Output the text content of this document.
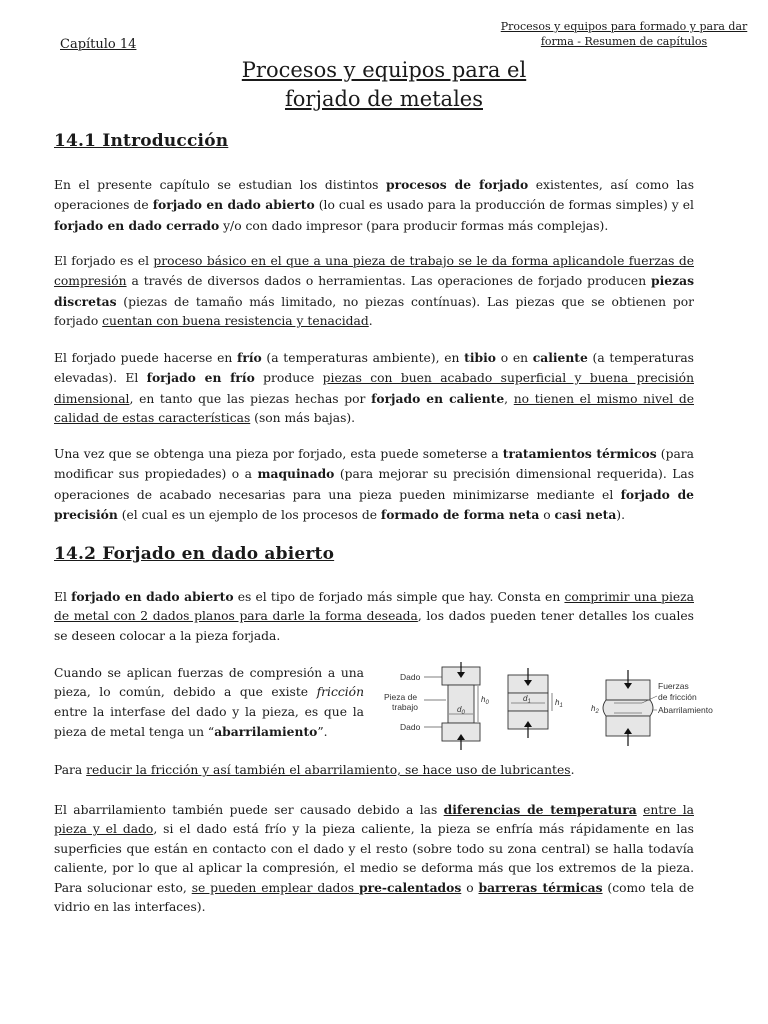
Procesos y equipos para formado y para dar
forma - Resumen de capítulos
Capítulo 14
Procesos y equipos para el
forjado de metales
14.1 Introducción

En el presente capítulo se estudian los distintos procesos de forjado existentes, así como las operaciones de forjado en dado abierto (lo cual es usado para la producción de formas simples) y el forjado en dado cerrado y/o con dado impresor (para producir formas más complejas).

El forjado es el proceso básico en el que a una pieza de trabajo se le da forma aplicandole fuerzas de compresión a través de diversos dados o herramientas. Las operaciones de forjado producen piezas discretas (piezas de tamaño más limitado, no piezas contínuas). Las piezas que se obtienen por forjado cuentan con buena resistencia y tenacidad.

El forjado puede hacerse en frío (a temperaturas ambiente), en tibio o en caliente (a temperaturas elevadas). El forjado en frío produce piezas con buen acabado superficial y buena precisión dimensional, en tanto que las piezas hechas por forjado en caliente, no tienen el mismo nivel de calidad de estas características (son más bajas).

Una vez que se obtenga una pieza por forjado, esta puede someterse a tratamientos térmicos (para modificar sus propiedades) o a maquinado (para mejorar su precisión dimensional requerida). Las operaciones de acabado necesarias para una pieza pueden minimizarse mediante el forjado de precisión (el cual es un ejemplo de los procesos de formado de forma neta o casi neta).

14.2 Forjado en dado abierto

El forjado en dado abierto es el tipo de forjado más simple que hay. Consta en comprimir una pieza de metal con 2 dados planos para darle la forma deseada, los dados pueden tener detalles los cuales se deseen colocar a la pieza forjada.

Cuando se aplican fuerzas de compresión a una pieza, lo común, debido a que existe fricción entre la interfase del dado y la pieza, es que la pieza de metal tenga un “abarrilamiento”.

Dado
Pieza de
trabajo
Dado
$h_0$
$d_0$
$d_1$	$h_1$	$h_2$
Fuerzas
de fricción
Abarrilamiento

Para reducir la fricción y así también el abarrilamiento, se hace uso de lubricantes.

El abarrilamiento también puede ser causado debido a las diferencias de temperatura entre la pieza y el dado, si el dado está frío y la pieza caliente, la pieza se enfría más rápidamente en las superficies que están en contacto con el dado y el resto (sobre todo su zona central) se halla todavía caliente, por lo que al aplicar la compresión, el medio se deforma más que los extremos de la pieza. Para solucionar esto, se pueden emplear dados pre-calentados o barreras térmicas (como tela de vidrio en las interfaces).
